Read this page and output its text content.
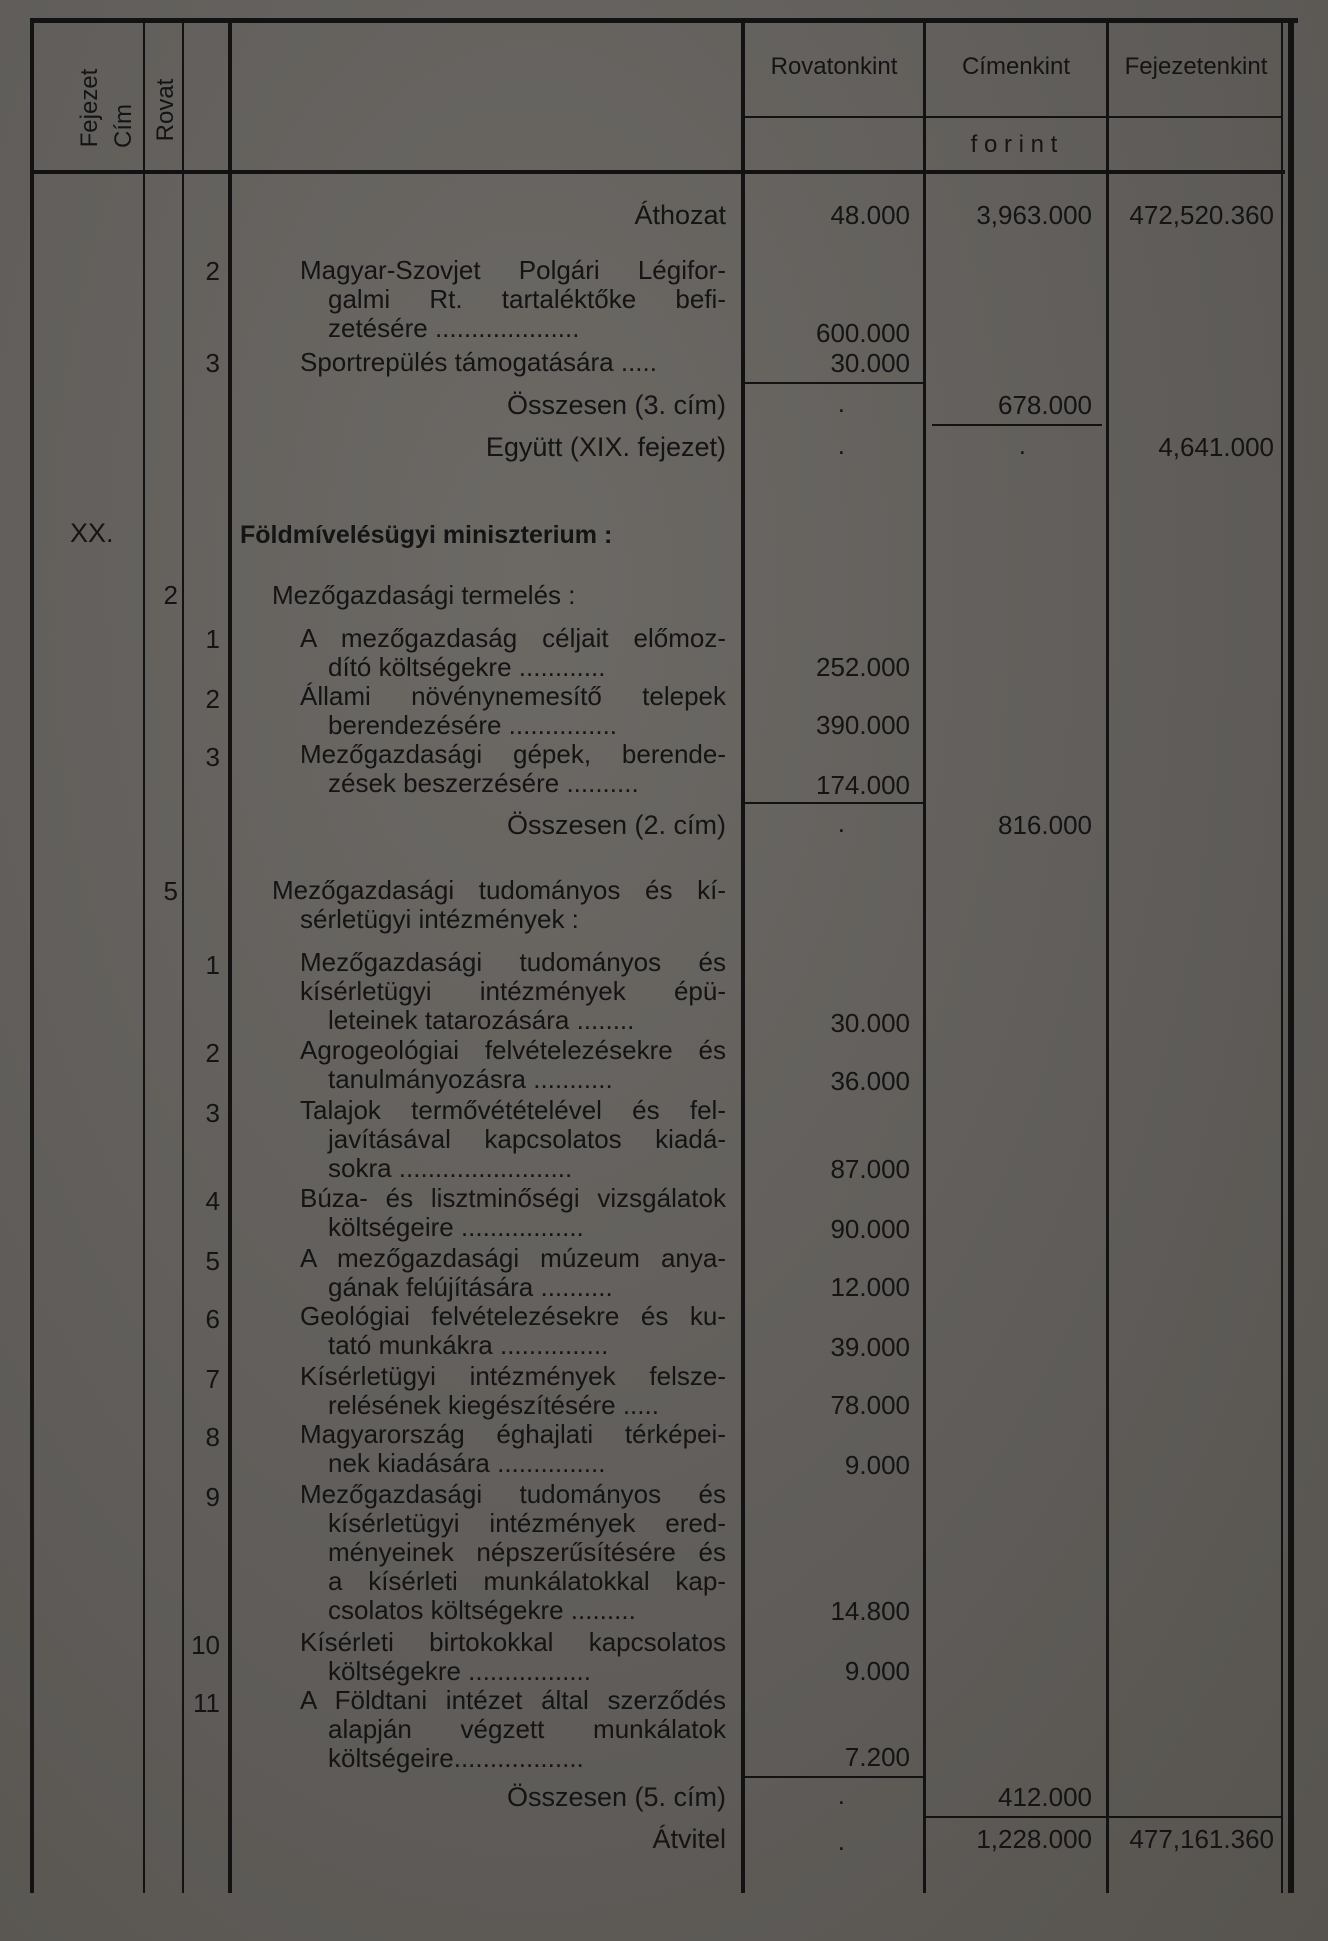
Fejezet Cím Rovat
Rovatonkint	Címenkint	Fejezetenkint
f o r i n t
Áthozat	48.000	3,963.000	472,520.360
2	Magyar-Szovjet Polgári Légifor-
galmi Rt. tartaléktőke befi-
zetésére ....................	600.000
3	Sportrepülés támogatására .....	30.000
Összesen (3. cím)	.	678.000
Együtt (XIX. fejezet)	.	.	4,641.000
XX.	Földmívelésügyi miniszterium :
2	Mezőgazdasági termelés :
1	A mezőgazdaság céljait előmoz-
dító költségekre ............	252.000
2	Állami növénynemesítő telepek
berendezésére ...............	390.000
3	Mezőgazdasági gépek, berende-
zések beszerzésére ..........	174.000
Összesen (2. cím)	.	816.000
5	Mezőgazdasági tudományos és kí-
sérletügyi intézmények :
1	Mezőgazdasági tudományos és
kísérletügyi intézmények épü-
leteinek tatarozására ........	30.000
2	Agrogeológiai felvételezésekre és
tanulmányozásra ...........	36.000
3	Talajok termővétételével és fel-
javításával kapcsolatos kiadá-
sokra ........................	87.000
4	Búza- és lisztminőségi vizsgálatok
költségeire .................	90.000
5	A mezőgazdasági múzeum anya-
gának felújítására ..........	12.000
6	Geológiai felvételezésekre és ku-
tató munkákra ...............	39.000
7	Kísérletügyi intézmények felsze-
relésének kiegészítésére .....	78.000
8	Magyarország éghajlati térképei-
nek kiadására ...............	9.000
9	Mezőgazdasági tudományos és
kísérletügyi intézmények ered-
ményeinek népszerűsítésére és
a kísérleti munkálatokkal kap-
csolatos költségekre .........	14.800
10	Kísérleti birtokokkal kapcsolatos
költségekre .................	9.000
11	A Földtani intézet által szerződés
alapján végzett munkálatok
költségeire..................	7.200
Összesen (5. cím)	.	412.000
Átvitel	.	1,228.000	477,161.360
